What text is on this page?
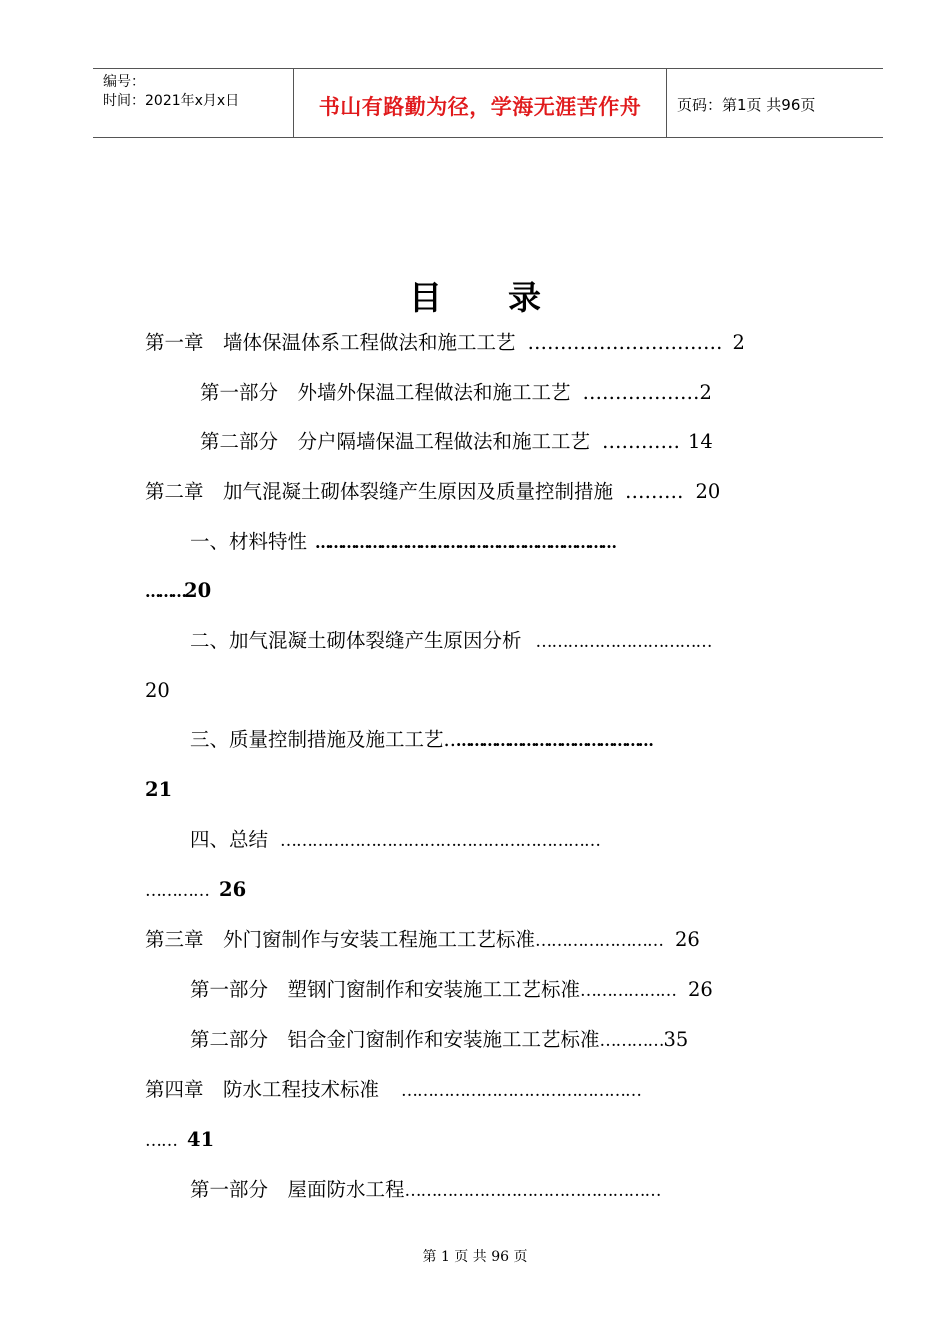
编号：
时间：2021年x月x日	书山有路勤为径，学海无涯苦作舟	页码：第1页 共96页
目　　录
第一章　墙体保温体系工程做法和施工工艺 ………………………… 2
第一部分　外墙外保温工程做法和施工工艺 ………………2
第二部分　分户隔墙保温工程做法和施工工艺 ………… 14
第二章　加气混凝土砌体裂缝产生原因及质量控制措施 ……… 20
一、材料特性 ……………………………………………………………
………20
二、加气混凝土砌体裂缝产生原因分析 ……………………………
20
三、质量控制措施及施工工艺..………………………………………
21
四、总结 ……………………………………………………
………… 26
第三章　外门窗制作与安装工程施工工艺标准…………………… 26
第一部分　塑钢门窗制作和安装施工工艺标准……………… 26
第二部分　铝合金门窗制作和安装施工工艺标准…………35
第四章　防水工程技术标准 ………………………………………
…… 41
第一部分　屋面防水工程…………………………………………
第 1 页 共 96 页
